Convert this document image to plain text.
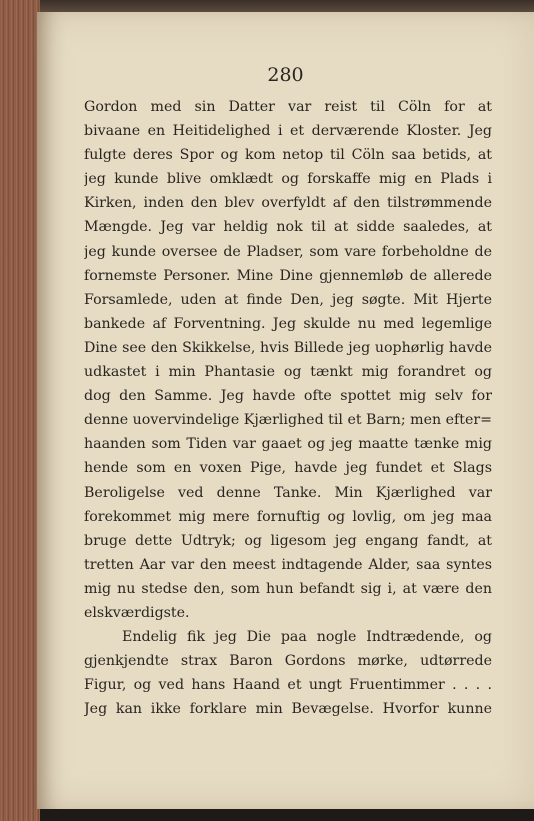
280
Gordon med sin Datter var reist til Cöln for at
bivaane en Heitidelighed i et derværende Kloster. Jeg
fulgte deres Spor og kom netop til Cöln saa betids, at
jeg kunde blive omklædt og forskaffe mig en Plads i
Kirken, inden den blev overfyldt af den tilstrømmende
Mængde. Jeg var heldig nok til at sidde saaledes, at
jeg kunde oversee de Pladser, som vare forbeholdne de
fornemste Personer. Mine Dine gjennemløb de allerede
Forsamlede, uden at finde Den, jeg søgte. Mit Hjerte
bankede af Forventning. Jeg skulde nu med legemlige
Dine see den Skikkelse, hvis Billede jeg uophørlig havde
udkastet i min Phantasie og tænkt mig forandret og
dog den Samme. Jeg havde ofte spottet mig selv for
denne uovervindelige Kjærlighed til et Barn; men efter=
haanden som Tiden var gaaet og jeg maatte tænke mig
hende som en voxen Pige, havde jeg fundet et Slags
Beroligelse ved denne Tanke. Min Kjærlighed var
forekommet mig mere fornuftig og lovlig, om jeg maa
bruge dette Udtryk; og ligesom jeg engang fandt, at
tretten Aar var den meest indtagende Alder, saa syntes
mig nu stedse den, som hun befandt sig i, at være den
elskværdigste.
Endelig fik jeg Die paa nogle Indtrædende, og
gjenkjendte strax Baron Gordons mørke, udtørrede
Figur, og ved hans Haand et ungt Fruentimmer . . . .
Jeg kan ikke forklare min Bevægelse. Hvorfor kunne
